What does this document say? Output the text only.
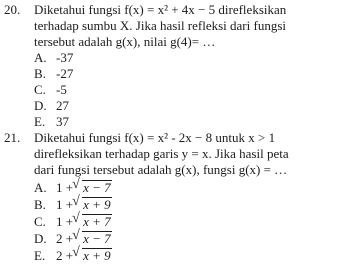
20. Diketahui fungsi f(x) = x² + 4x − 5 direfleksikan
terhadap sumbu X. Jika hasil refleksi dari fungsi
tersebut adalah g(x), nilai g(4)= …
A. -37
B. -27
C. -5
D. 27
E. 37
21. Diketahui fungsi f(x) = x² - 2x − 8 untuk x > 1
direfleksikan terhadap garis y = x. Jika hasil peta
dari fungsi tersebut adalah g(x), fungsi g(x) = …
A. 1 + √ x − 7
B. 1 + √ x + 9
C. 1 + √ x + 7
D. 2 + √ x − 7
E. 2 + √ x + 9
